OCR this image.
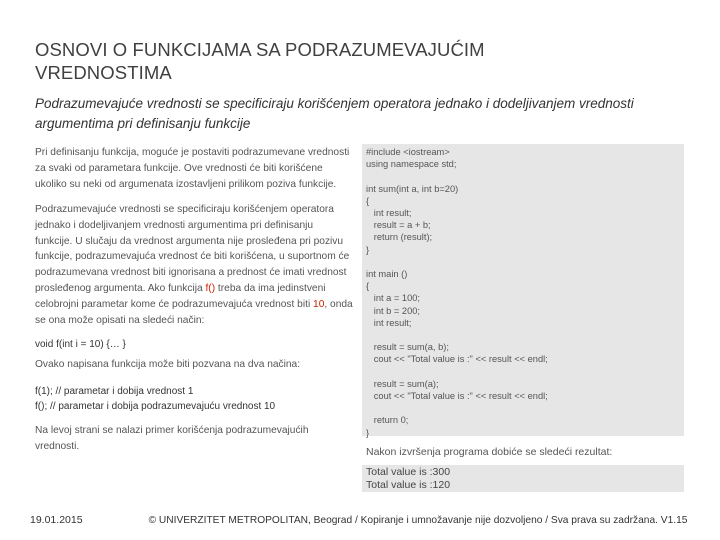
OSNOVI O FUNKCIJAMA SA PODRAZUMEVAJUĆIM
VREDNOSTIMA
Podrazumevajuće vrednosti se specificiraju korišćenjem operatora jednako i dodeljivanjem vrednosti argumentima pri definisanju funkcije

Pri definisanju funkcija, moguće je postaviti podrazumevane vrednosti za svaki od parametara funkcije. Ove vrednosti će biti korišćene ukoliko su neki od argumenata izostavljeni prilikom poziva funkcije.

Podrazumevajuće vrednosti se specificiraju korišćenjem operatora jednako i dodeljivanjem vrednosti argumentima pri definisanju funkcije. U slučaju da vrednost argumenta nije prosleđena pri pozivu funkcije, podrazumevajuća vrednost će biti korišćena, u suportnom će podrazumevana vrednost biti ignorisana a prednost će imati vrednost prosleđenog argumenta. Ako funkcija f() treba da ima jedinstveni celobrojni parametar kome će podrazumevajuća vrednost biti 10, onda se ona može opisati na sledeći način:

void f(int i = 10) {… }
Ovako napisana funkcija može biti pozvana na dva načina:
f(1); // parametar i dobija vrednost 1
f(); // parametar i dobija podrazumevajuću vrednost 10
Na levoj strani se nalazi primer korišćenja podrazumevajućih vrednosti.
#include <iostream>
using namespace std;

int sum(int a, int b=20)
{
int result;
result = a + b;
return (result);
}

int main ()
{
int a = 100;
int b = 200;
int result;

result = sum(a, b);
cout << "Total value is :" << result << endl;

result = sum(a);
cout << "Total value is :" << result << endl;

return 0;
}
Nakon izvršenja programa dobiće se sledeći rezultat:
Total value is :300
Total value is :120
19.01.2015	© UNIVERZITET METROPOLITAN, Beograd / Kopiranje i umnožavanje nije dozvoljeno / Sva prava su zadržana. V1.15
